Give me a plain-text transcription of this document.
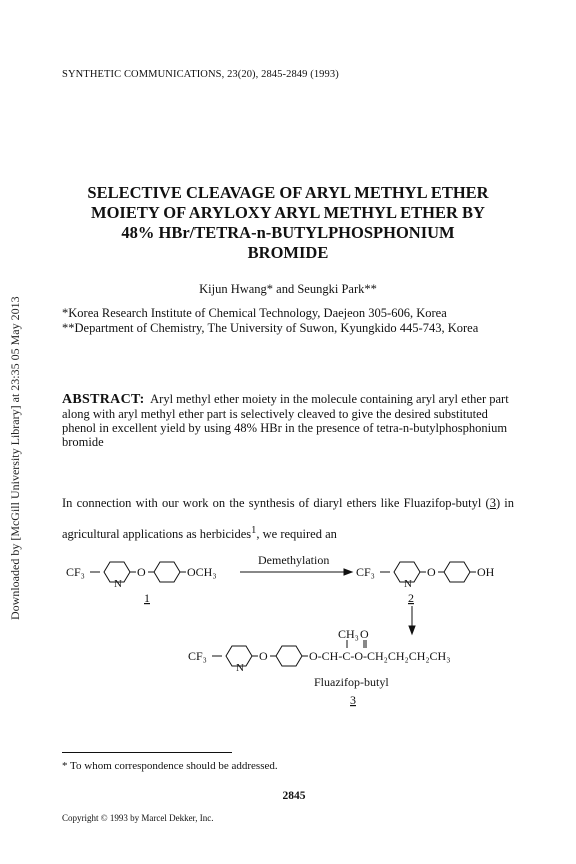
SYNTHETIC COMMUNICATIONS, 23(20), 2845-2849 (1993)
Downloaded by [McGill University Library] at 23:35 05 May 2013
SELECTIVE CLEAVAGE OF ARYL METHYL ETHER
MOIETY OF ARYLOXY ARYL METHYL ETHER BY
48% HBr/TETRA-n-BUTYLPHOSPHONIUM
BROMIDE
Kijun Hwang* and Seungki Park**

*Korea Research Institute of Chemical Technology, Daejeon 305-606, Korea

**Department of Chemistry, The University of Suwon, Kyungkido 445-743, Korea

ABSTRACT: Aryl methyl ether moiety in the molecule containing aryl aryl ether part along with aryl methyl ether part is selectively cleaved to give the desired substituted phenol in excellent yield by using 48% HBr in the presence of tetra-n-butylphosphonium bromide

In connection with our work on the synthesis of diaryl ethers like Fluazifop-butyl (3) in agricultural applications as herbicides$^1$, we required an

CF₃
N
O	OCH₃
Demethylation
CF₃
N
O	OH
1	2
CH₃ O
CF₃
N
O	O-CH-C-O-CH₂CH₂CH₂CH₃
Fluazifop-butyl
3
* To whom correspondence should be addressed.
2845
Copyright © 1993 by Marcel Dekker, Inc.
